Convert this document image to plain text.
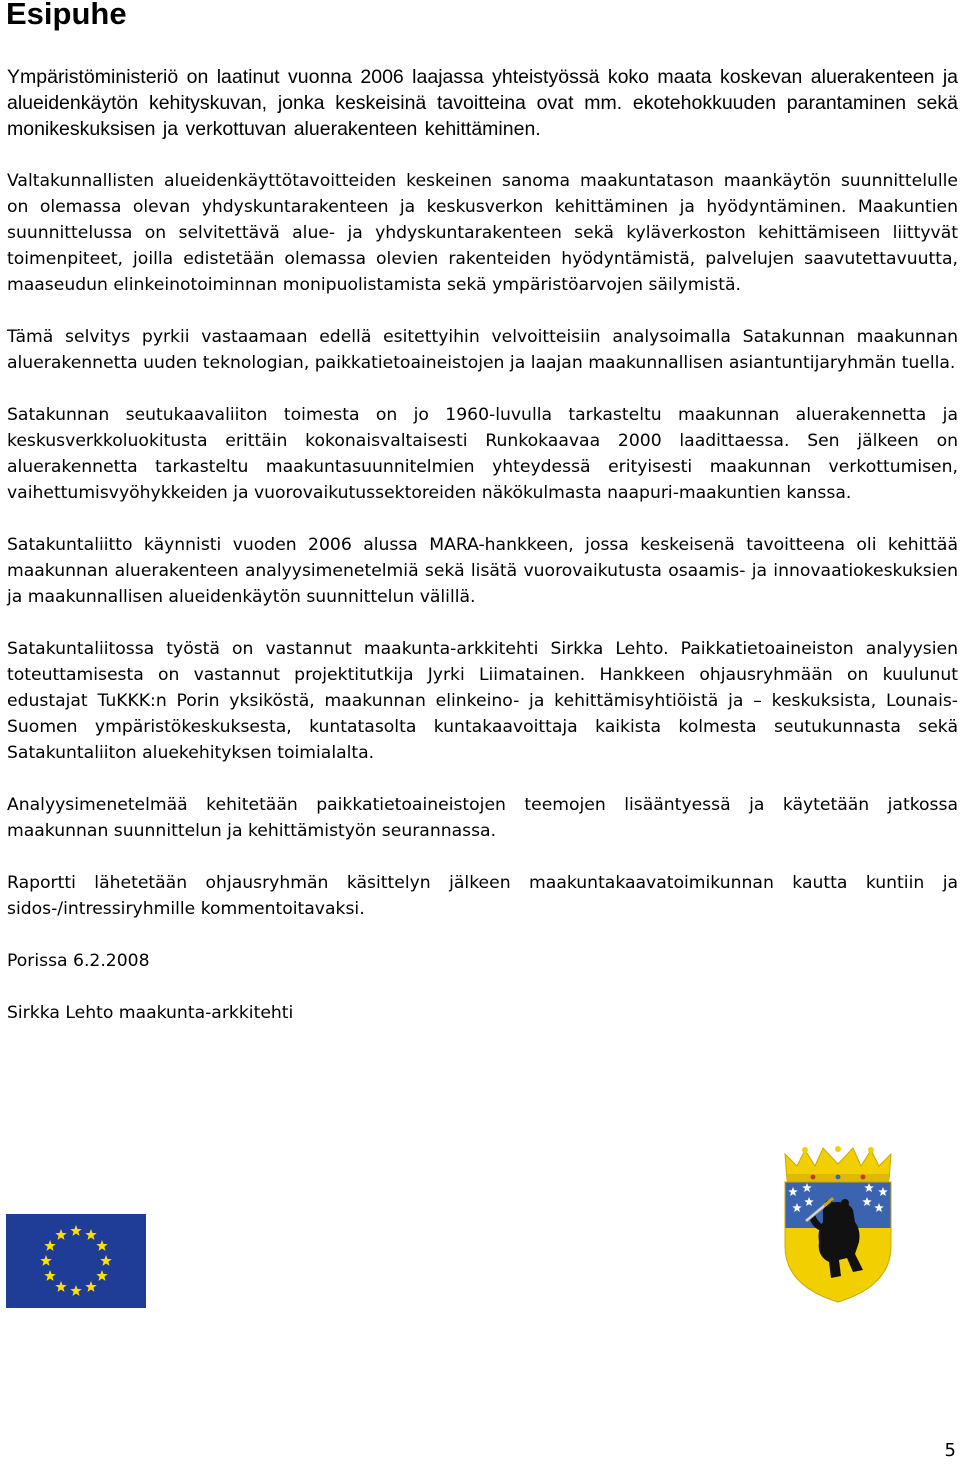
Esipuhe

Ympäristöministeriö on laatinut vuonna 2006 laajassa yhteistyössä koko maata koskevan aluerakenteen ja alueidenkäytön kehityskuvan, jonka keskeisinä tavoitteina ovat mm. ekotehokkuuden parantaminen sekä monikeskuksisen ja verkottuvan aluerakenteen kehittäminen.

Valtakunnallisten alueidenkäyttötavoitteiden keskeinen sanoma maakuntatason maankäytön suunnittelulle on olemassa olevan yhdyskuntarakenteen ja keskusverkon kehittäminen ja hyödyntäminen. Maakuntien suunnittelussa on selvitettävä alue- ja yhdyskuntarakenteen sekä kyläverkoston kehittämiseen liittyvät toimenpiteet, joilla edistetään olemassa olevien rakenteiden hyödyntämistä, palvelujen saavutettavuutta, maaseudun elinkeinotoiminnan monipuolistamista sekä ympäristöarvojen säilymistä.

Tämä selvitys pyrkii vastaamaan edellä esitettyihin velvoitteisiin analysoimalla Satakunnan maakunnan aluerakennetta uuden teknologian, paikkatietoaineistojen ja laajan maakunnallisen asiantuntijaryhmän tuella.

Satakunnan seutukaavaliiton toimesta on jo 1960-luvulla tarkasteltu maakunnan aluerakennetta ja keskusverkkoluokitusta erittäin kokonaisvaltaisesti Runkokaavaa 2000 laadittaessa. Sen jälkeen on aluerakennetta tarkasteltu maakuntasuunnitelmien yhteydessä erityisesti maakunnan verkottumisen, vaihettumisvyöhykkeiden ja vuorovaikutussektoreiden näkökulmasta naapuri-maakuntien kanssa.

Satakuntaliitto käynnisti vuoden 2006 alussa MARA-hankkeen, jossa keskeisenä tavoitteena oli kehittää maakunnan aluerakenteen analyysimenetelmiä sekä lisätä vuorovaikutusta osaamis- ja innovaatiokeskuksien ja maakunnallisen alueidenkäytön suunnittelun välillä.

Satakuntaliitossa työstä on vastannut maakunta-arkkitehti Sirkka Lehto. Paikkatietoaineiston analyysien toteuttamisesta on vastannut projektitutkija Jyrki Liimatainen. Hankkeen ohjausryhmään on kuulunut edustajat TuKKK:n Porin yksiköstä, maakunnan elinkeino- ja kehittämisyhtiöistä ja – keskuksista, Lounais-Suomen ympäristökeskuksesta, kuntatasolta kuntakaavoittaja kaikista kolmesta seutukunnasta sekä Satakuntaliiton aluekehityksen toimialalta.

Analyysimenetelmää kehitetään paikkatietoaineistojen teemojen lisääntyessä ja käytetään jatkossa maakunnan suunnittelun ja kehittämistyön seurannassa.

Raportti lähetetään ohjausryhmän käsittelyn jälkeen maakuntakaavatoimikunnan kautta kuntiin ja sidos-/intressiryhmille kommentoitavaksi.

Porissa 6.2.2008

Sirkka Lehto maakunta-arkkitehti

5
